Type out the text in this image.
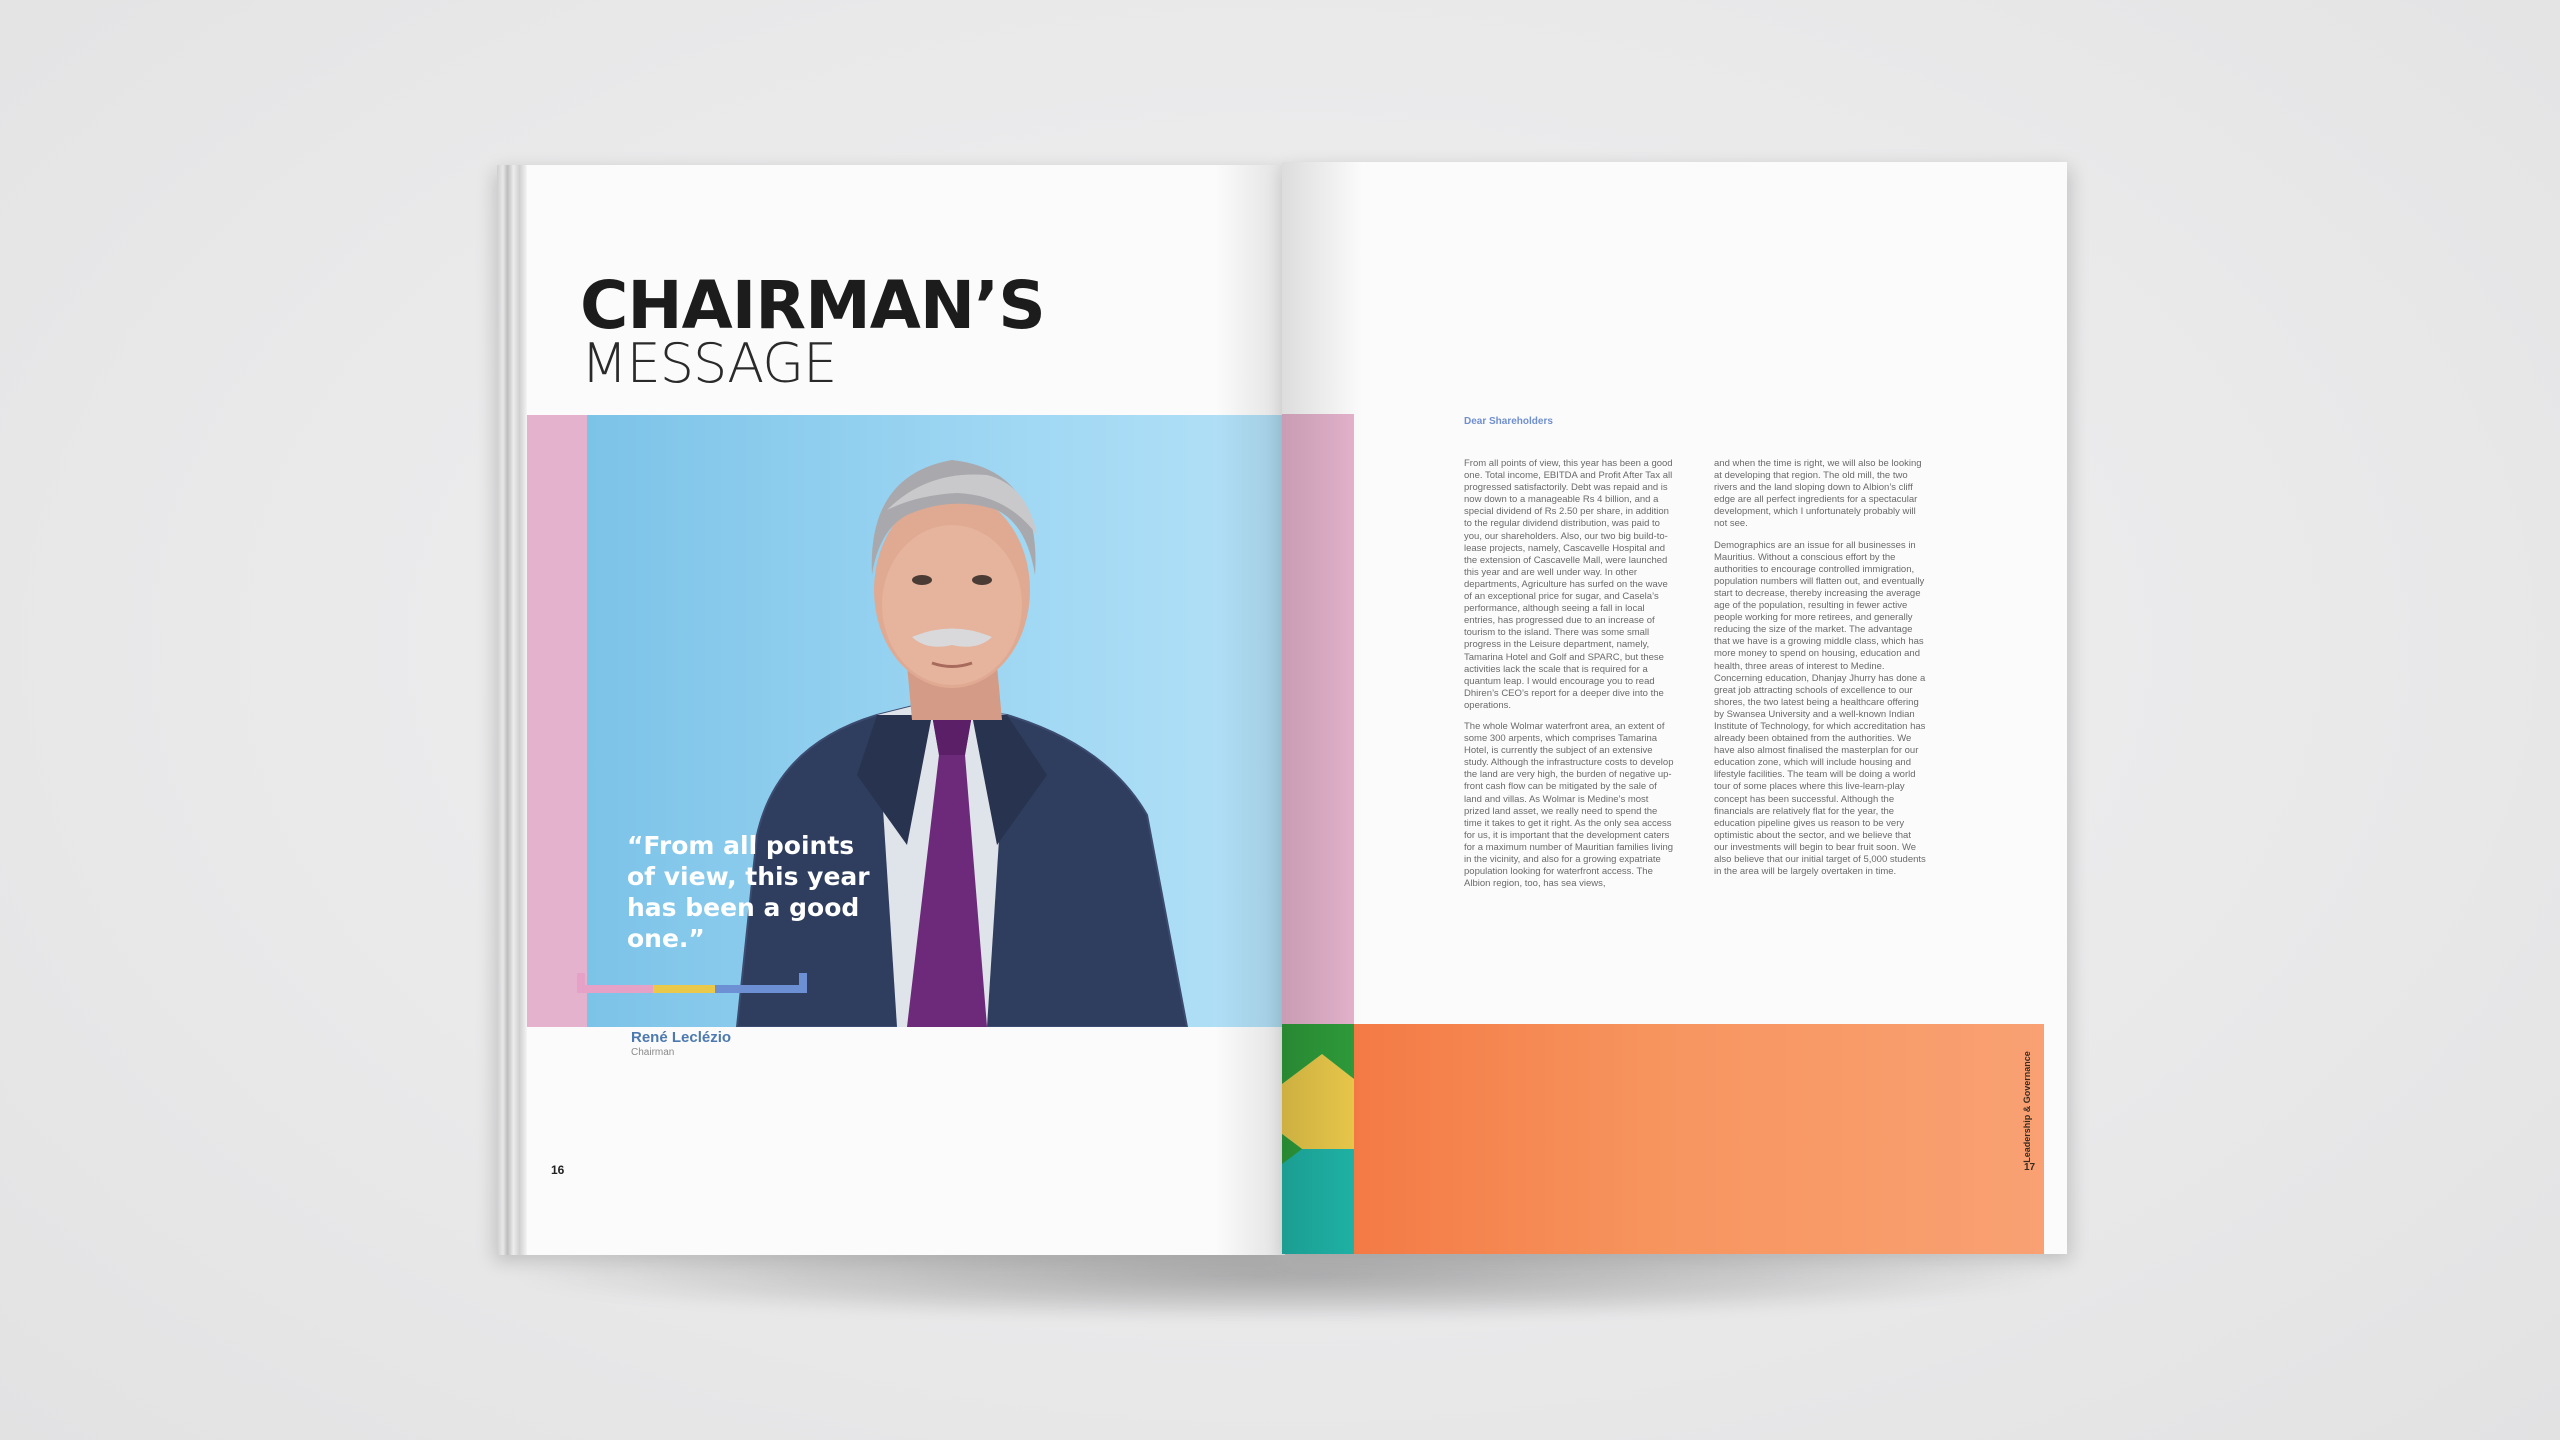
CHAIRMAN’S
MESSAGE
“From all points of view, this year has been a good one.”
René Leclézio
Chairman
16
Dear Shareholders

From all points of view, this year has been a good one. Total income, EBITDA and Profit After Tax all progressed satisfactorily. Debt was repaid and is now down to a manageable Rs 4 billion, and a special dividend of Rs 2.50 per share, in addition to the regular dividend distribution, was paid to you, our shareholders. Also, our two big build-to-lease projects, namely, Cascavelle Hospital and the extension of Cascavelle Mall, were launched this year and are well under way. In other departments, Agriculture has surfed on the wave of an exceptional price for sugar, and Casela’s performance, although seeing a fall in local entries, has progressed due to an increase of tourism to the island. There was some small progress in the Leisure department, namely, Tamarina Hotel and Golf and SPARC, but these activities lack the scale that is required for a quantum leap. I would encourage you to read Dhiren’s CEO’s report for a deeper dive into the operations.

The whole Wolmar waterfront area, an extent of some 300 arpents, which comprises Tamarina Hotel, is currently the subject of an extensive study. Although the infrastructure costs to develop the land are very high, the burden of negative up-front cash flow can be mitigated by the sale of land and villas. As Wolmar is Medine’s most prized land asset, we really need to spend the time it takes to get it right. As the only sea access for us, it is important that the development caters for a maximum number of Mauritian families living in the vicinity, and also for a growing expatriate population looking for waterfront access. The Albion region, too, has sea views,

and when the time is right, we will also be looking at developing that region. The old mill, the two rivers and the land sloping down to Albion’s cliff edge are all perfect ingredients for a spectacular development, which I unfortunately probably will not see.

Demographics are an issue for all businesses in Mauritius. Without a conscious effort by the authorities to encourage controlled immigration, population numbers will flatten out, and eventually start to decrease, thereby increasing the average age of the population, resulting in fewer active people working for more retirees, and generally reducing the size of the market. The advantage that we have is a growing middle class, which has more money to spend on housing, education and health, three areas of interest to Medine. Concerning education, Dhanjay Jhurry has done a great job attracting schools of excellence to our shores, the two latest being a healthcare offering by Swansea University and a well-known Indian Institute of Technology, for which accreditation has already been obtained from the authorities. We have also almost finalised the masterplan for our education zone, which will include housing and lifestyle facilities. The team will be doing a world tour of some places where this live-learn-play concept has been successful. Although the financials are relatively flat for the year, the education pipeline gives us reason to be very optimistic about the sector, and we believe that our investments will begin to bear fruit soon. We also believe that our initial target of 5,000 students in the area will be largely overtaken in time.

Leadership & Governance
17
